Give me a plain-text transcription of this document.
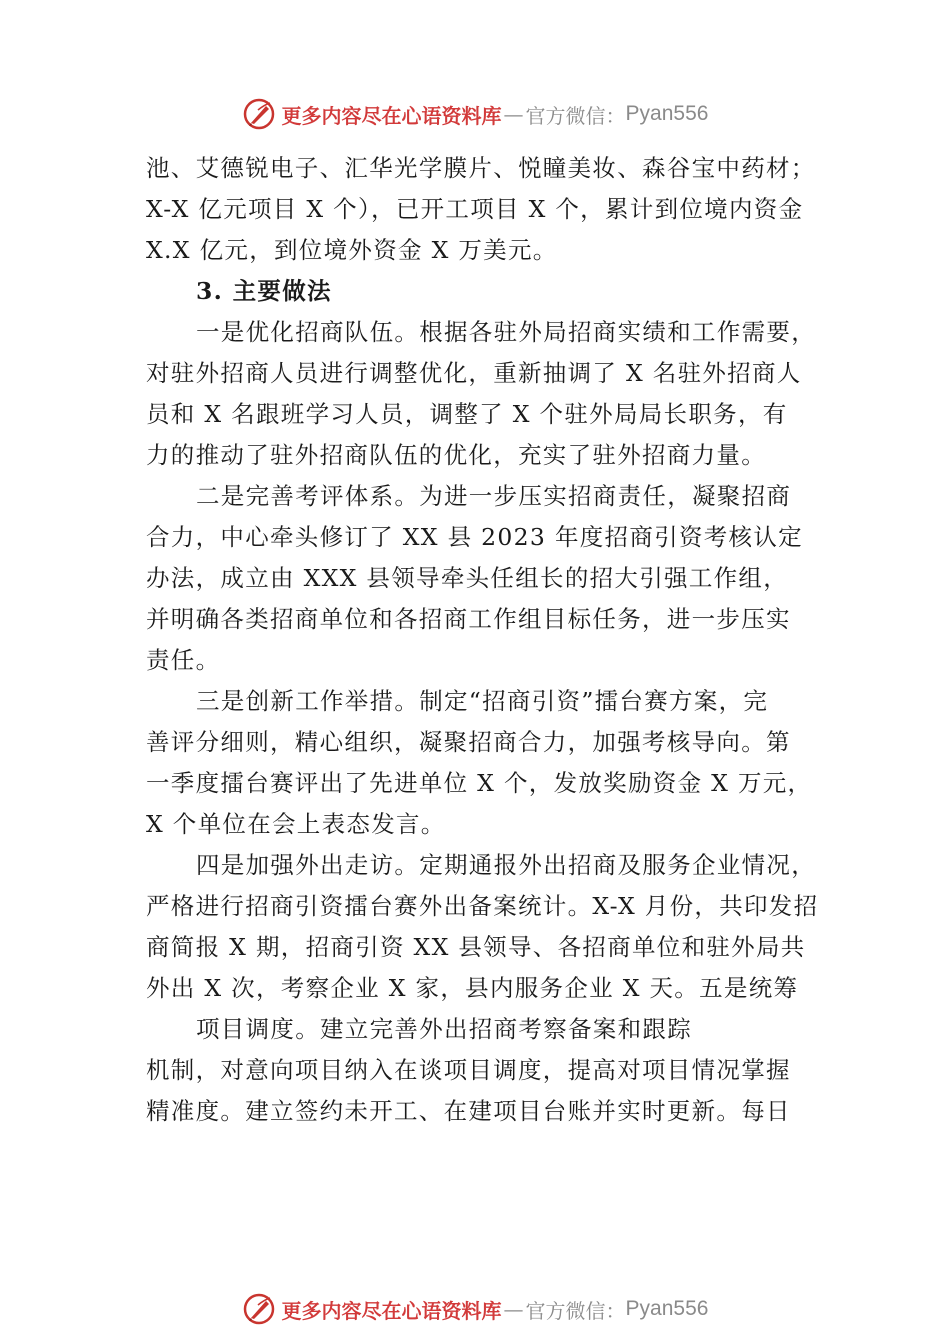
更多内容尽在心语资料库 — 官方微信： Pyan556
池、艾德锐电子、汇华光学膜片、悦瞳美妆、森谷宝中药材；
X-X 亿元项目 X 个），已开工项目 X 个，累计到位境内资金
X.X 亿元，到位境外资金 X 万美元。
3. 主要做法
一是优化招商队伍。根据各驻外局招商实绩和工作需要，
对驻外招商人员进行调整优化，重新抽调了 X 名驻外招商人
员和 X 名跟班学习人员，调整了 X 个驻外局局长职务，有
力的推动了驻外招商队伍的优化，充实了驻外招商力量。
二是完善考评体系。为进一步压实招商责任，凝聚招商
合力，中心牵头修订了 XX 县 2023 年度招商引资考核认定
办法，成立由 XXX 县领导牵头任组长的招大引强工作组，
并明确各类招商单位和各招商工作组目标任务，进一步压实
责任。
三是创新工作举措。制定“招商引资”擂台赛方案，完
善评分细则，精心组织，凝聚招商合力，加强考核导向。第
一季度擂台赛评出了先进单位 X 个，发放奖励资金 X 万元，
X 个单位在会上表态发言。
四是加强外出走访。定期通报外出招商及服务企业情况，
严格进行招商引资擂台赛外出备案统计。X-X 月份，共印发招
商简报 X 期，招商引资 XX 县领导、各招商单位和驻外局共
外出 X 次，考察企业 X 家，县内服务企业 X 天。五是统筹
项目调度。建立完善外出招商考察备案和跟踪
机制，对意向项目纳入在谈项目调度，提高对项目情况掌握
精准度。建立签约未开工、在建项目台账并实时更新。每日
更多内容尽在心语资料库 — 官方微信： Pyan556
